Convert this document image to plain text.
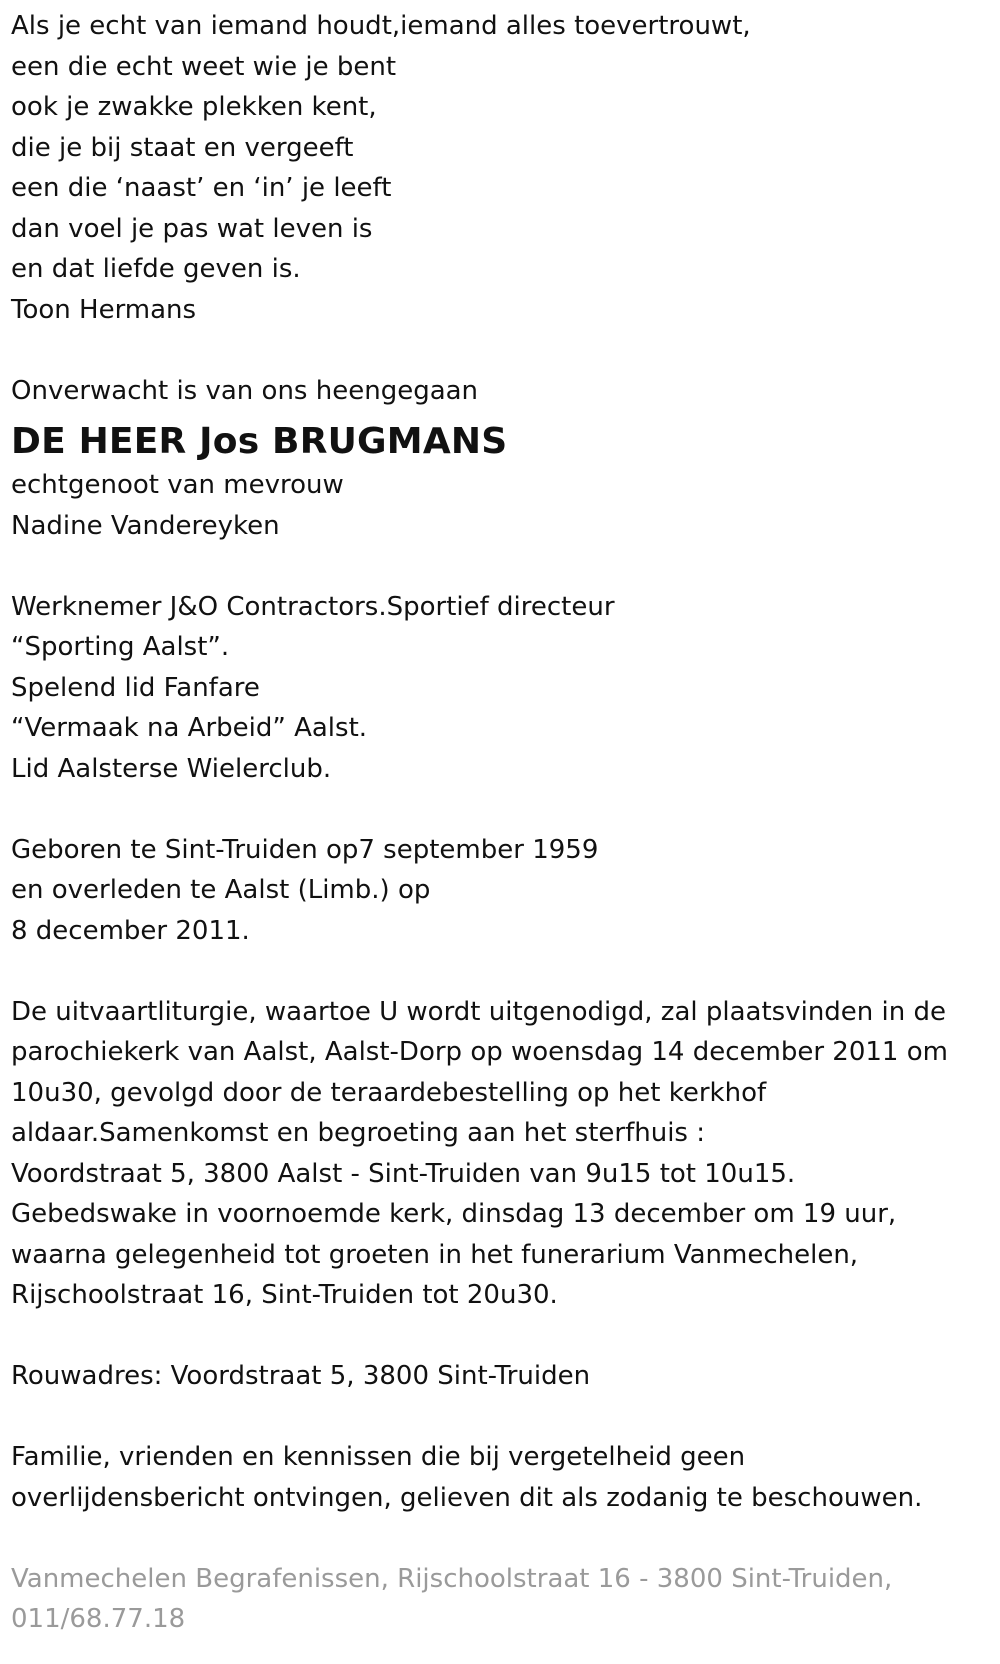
Als je echt van iemand houdt,iemand alles toevertrouwt,
een die echt weet wie je bent
ook je zwakke plekken kent,
die je bij staat en vergeeft
een die ‘naast’ en ‘in’ je leeft
dan voel je pas wat leven is
en dat liefde geven is.
Toon Hermans
Onverwacht is van ons heengegaan
DE HEER Jos BRUGMANS
echtgenoot van mevrouw
Nadine Vandereyken
Werknemer J&O Contractors.Sportief directeur
“Sporting Aalst”.
Spelend lid Fanfare
“Vermaak na Arbeid” Aalst.
Lid Aalsterse Wielerclub.
Geboren te Sint-Truiden op7 september 1959
en overleden te Aalst (Limb.) op
8 december 2011.
De uitvaartliturgie, waartoe U wordt uitgenodigd, zal plaatsvinden in de
parochiekerk van Aalst, Aalst-Dorp op woensdag 14 december 2011 om
10u30, gevolgd door de teraardebestelling op het kerkhof
aldaar.Samenkomst en begroeting aan het sterfhuis :
Voordstraat 5, 3800 Aalst - Sint-Truiden van 9u15 tot 10u15.
Gebedswake in voornoemde kerk, dinsdag 13 december om 19 uur,
waarna gelegenheid tot groeten in het funerarium Vanmechelen,
Rijschoolstraat 16, Sint-Truiden tot 20u30.
Rouwadres: Voordstraat 5, 3800 Sint-Truiden
Familie, vrienden en kennissen die bij vergetelheid geen
overlijdensbericht ontvingen, gelieven dit als zodanig te beschouwen.
Vanmechelen Begrafenissen, Rijschoolstraat 16 - 3800 Sint-Truiden,
011/68.77.18
